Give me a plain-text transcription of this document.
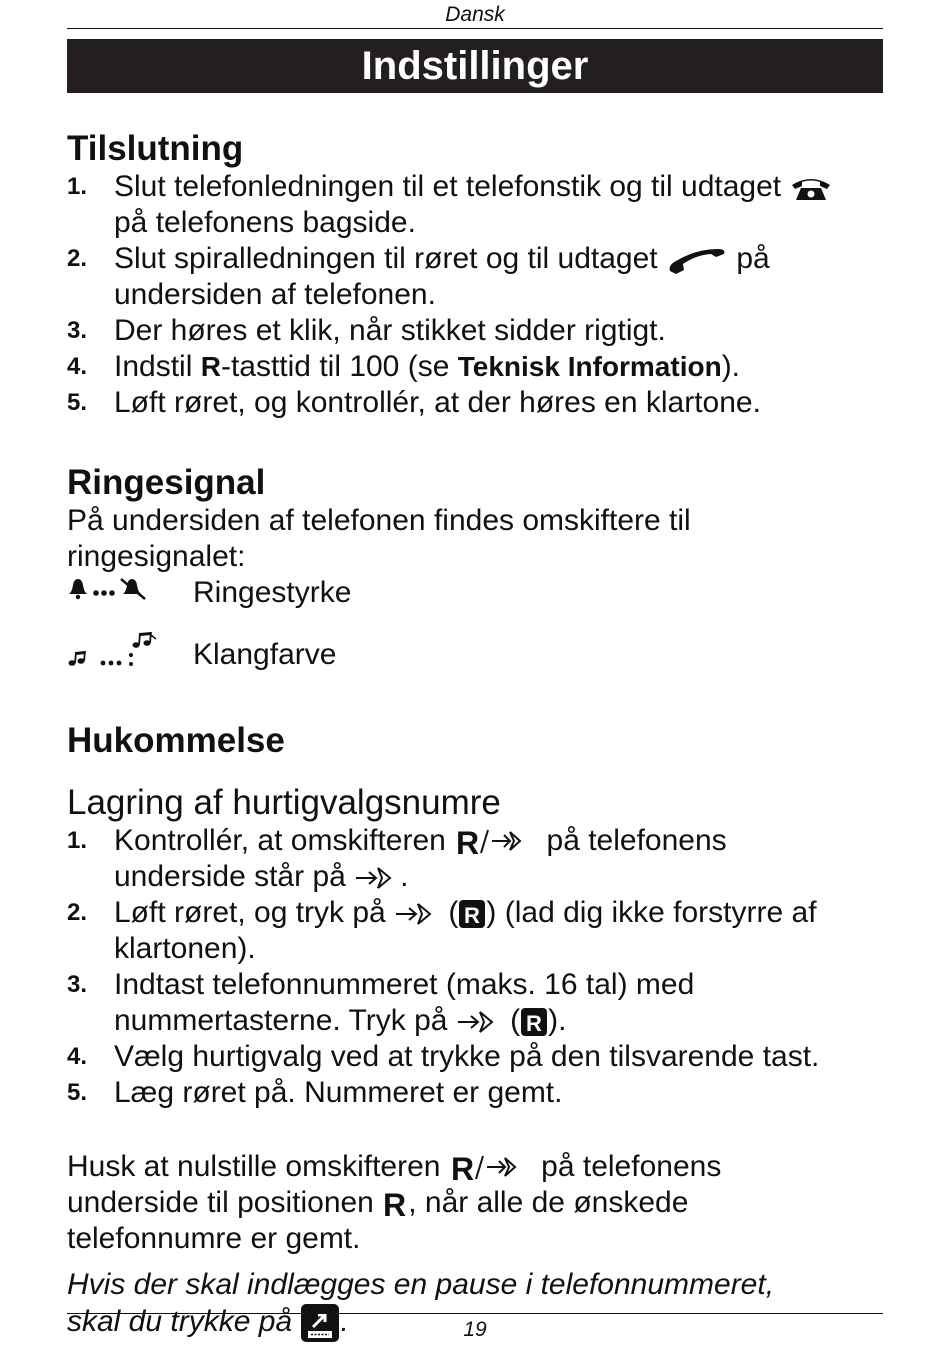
Dansk
Indstillinger
Tilslutning
1. Slut telefonledningen til et telefonstik og til udtaget
på telefonens bagside.
2. Slut spiralledningen til røret og til udtaget	på
undersiden af telefonen.
3. Der høres et klik, når stikket sidder rigtigt.
4. Indstil R-tasttid til 100 (se Teknisk Information).
5. Løft røret, og kontrollér, at der høres en klartone.
Ringesignal

På undersiden af telefonen findes omskiftere til ringesignalet:

Ringestyrke
Klangfarve
Hukommelse
Lagring af hurtigvalgsnumre
1. Kontrollér, at omskifteren R på telefonens
underside står på .
2. Løft røret, og tryk på  ( R ) (lad dig ikke forstyrre af
klartonen).
3. Indtast telefonnummeret (maks. 16 tal) med
nummertasterne. Tryk på  ( R ).
4. Vælg hurtigvalg ved at trykke på den tilsvarende tast.
5. Læg røret på. Nummeret er gemt.

Husk at nulstille omskifteren R på telefonens
underside til positionen R , når alle de ønskede
telefonnumre er gemt.

Hvis der skal indlægges en pause i telefonnummeret,
skal du trykke på .	19
